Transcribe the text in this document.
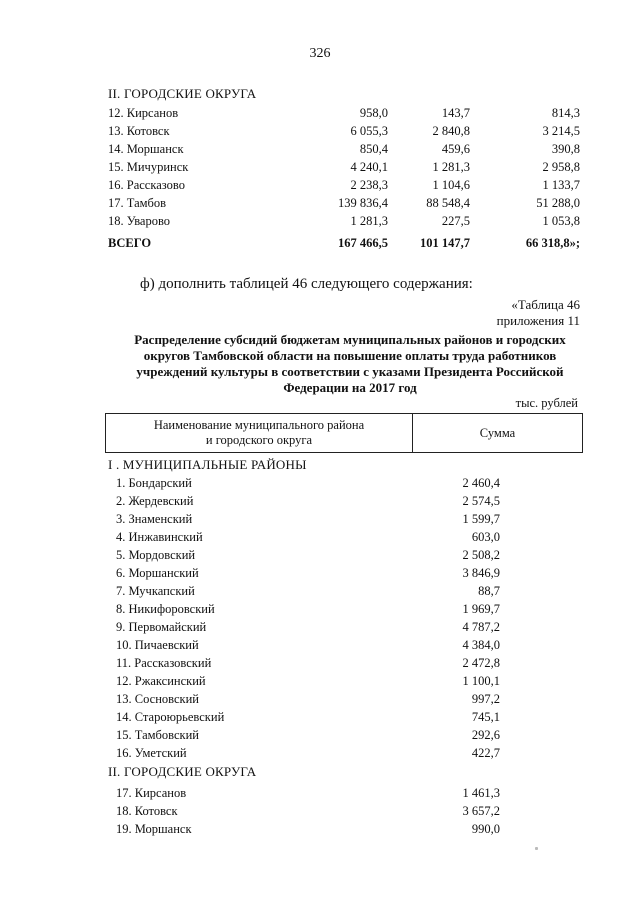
326
II. ГОРОДСКИЕ ОКРУГА
12. Кирсанов	958,0	143,7	814,3
13. Котовск	6 055,3	2 840,8	3 214,5
14. Моршанск	850,4	459,6	390,8
15. Мичуринск	4 240,1	1 281,3	2 958,8
16. Рассказово	2 238,3	1 104,6	1 133,7
17. Тамбов	139 836,4	88 548,4	51 288,0
18. Уварово	1 281,3	227,5	1 053,8
ВСЕГО	167 466,5	101 147,7	66 318,8»;
ф) дополнить таблицей 46 следующего содержания:
«Таблица 46
приложения 11
Распределение субсидий бюджетам муниципальных районов и городских
округов Тамбовской области на повышение оплаты труда работников
учреждений культуры в соответствии с указами Президента Российской
Федерации на 2017 год
тыс. рублей
Наименование муниципального района
и городского округа
Сумма
I . МУНИЦИПАЛЬНЫЕ РАЙОНЫ
1. Бондарский	2 460,4
2. Жердевский	2 574,5
3. Знаменский	1 599,7
4. Инжавинский	603,0
5. Мордовский	2 508,2
6. Моршанский	3 846,9
7. Мучкапский	88,7
8. Никифоровский	1 969,7
9. Первомайский	4 787,2
10. Пичаевский	4 384,0
11. Рассказовский	2 472,8
12. Ржаксинский	1 100,1
13. Сосновский	997,2
14. Староюрьевский	745,1
15. Тамбовский	292,6
16. Уметский	422,7
II. ГОРОДСКИЕ ОКРУГА
17. Кирсанов	1 461,3
18. Котовск	3 657,2
19. Моршанск	990,0
